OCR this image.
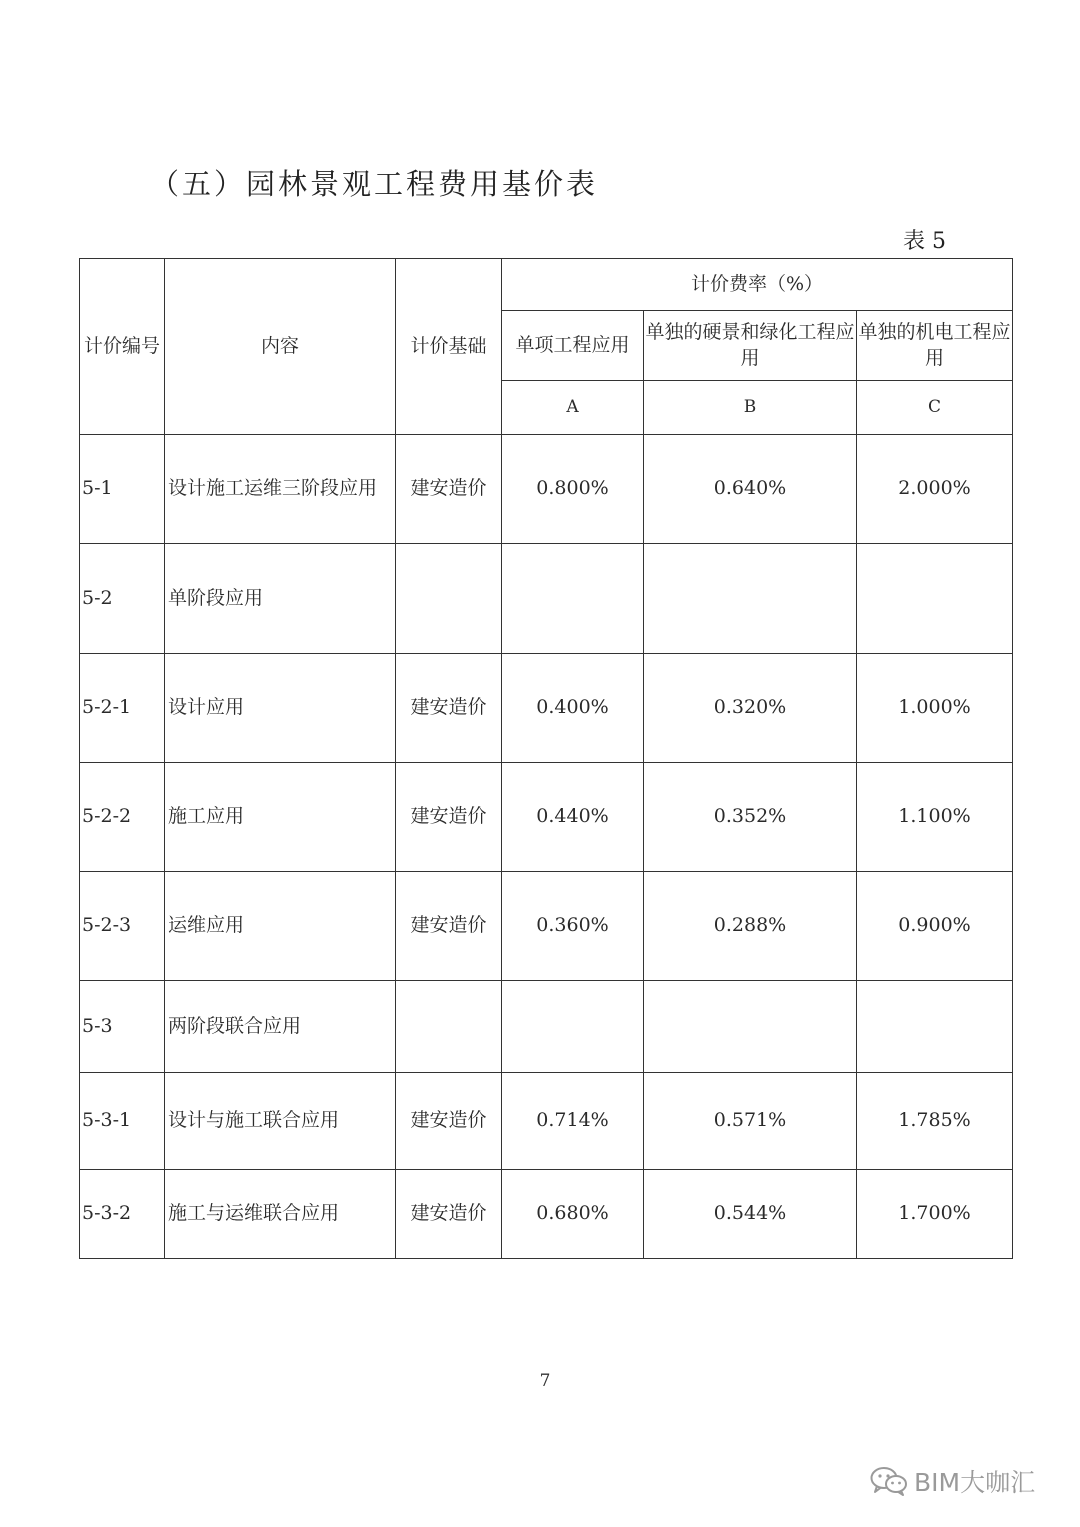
（五）园林景观工程费用基价表
表 5
计价编号	内容	计价基础	计价费率（%）		
			单项工程应用	单独的硬景和绿化工程应用	单独的机电工程应用
			A	B	C
5-1	设计施工运维三阶段应用	建安造价	0.800%	0.640%	2.000%
5-2	单阶段应用				
5-2-1	设计应用	建安造价	0.400%	0.320%	1.000%
5-2-2	施工应用	建安造价	0.440%	0.352%	1.100%
5-2-3	运维应用	建安造价	0.360%	0.288%	0.900%
5-3	两阶段联合应用				
5-3-1	设计与施工联合应用	建安造价	0.714%	0.571%	1.785%
5-3-2	施工与运维联合应用	建安造价	0.680%	0.544%	1.700%
7
BIM大咖汇
